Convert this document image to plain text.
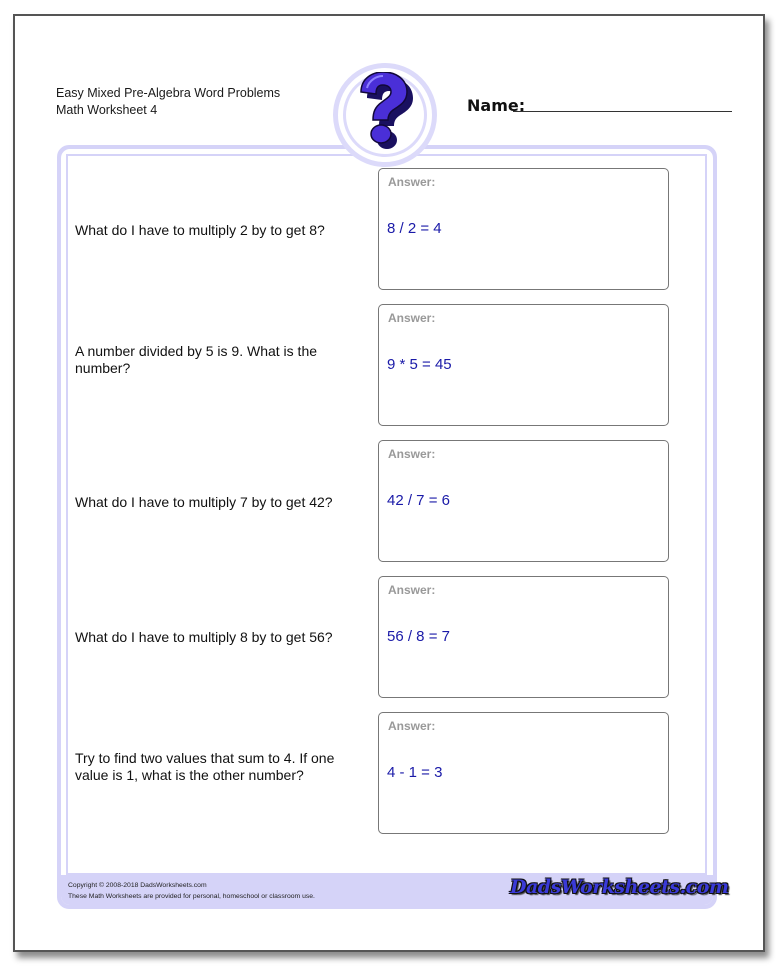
Easy Mixed Pre-Algebra Word Problems
Math Worksheet 4	Name:
What do I have to multiply 2 by to get 8?
Answer:
8 / 2 = 4
A number divided by 5 is 9. What is the number?
Answer:
9 * 5 = 45
What do I have to multiply 7 by to get 42?
Answer:
42 / 7 = 6
What do I have to multiply 8 by to get 56?
Answer:
56 / 8 = 7
Try to find two values that sum to 4. If one value is 1, what is the other number?
Answer:
4 - 1 = 3
Copyright © 2008-2018 DadsWorksheets.com
These Math Worksheets are provided for personal, homeschool or classroom use.	DadsWorksheets.com
